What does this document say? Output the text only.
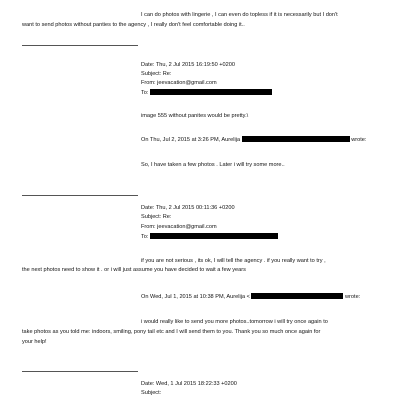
I can do photos with lingerie , I can even do topless if it is necessarily but I don't
want to send photos without panties to the agency , I really don't feel comfortable doing it..
Date: Thu, 2 Jul 2015 16:19:50 +0200
Subject: Re:
From: jeevacation@gmail.com
To:
image 555 without panites would be pretty.\
On Thu, Jul 2, 2015 at 3:26 PM, Aurelija	wrote:
So, I have taken a few photos . Later i will try some more..
Date: Thu, 2 Jul 2015 00:11:36 +0200
Subject: Re:
From: jeevacation@gmail.com
To:
if you are not serious , its ok, I will tell the agency . if you really want to try ,
the next photos need to show it . or i will just assume you have decided to wait a few years
On Wed, Jul 1, 2015 at 10:38 PM, Aurelija <	wrote:
i would really like to send you more photos..tomorrow i will try once again to
take photos as you told me: indoors, smiling, pony tail etc and I will send them to you. Thank you so much once again for
your help!
Date: Wed, 1 Jul 2015 18:22:33 +0200
Subject:
